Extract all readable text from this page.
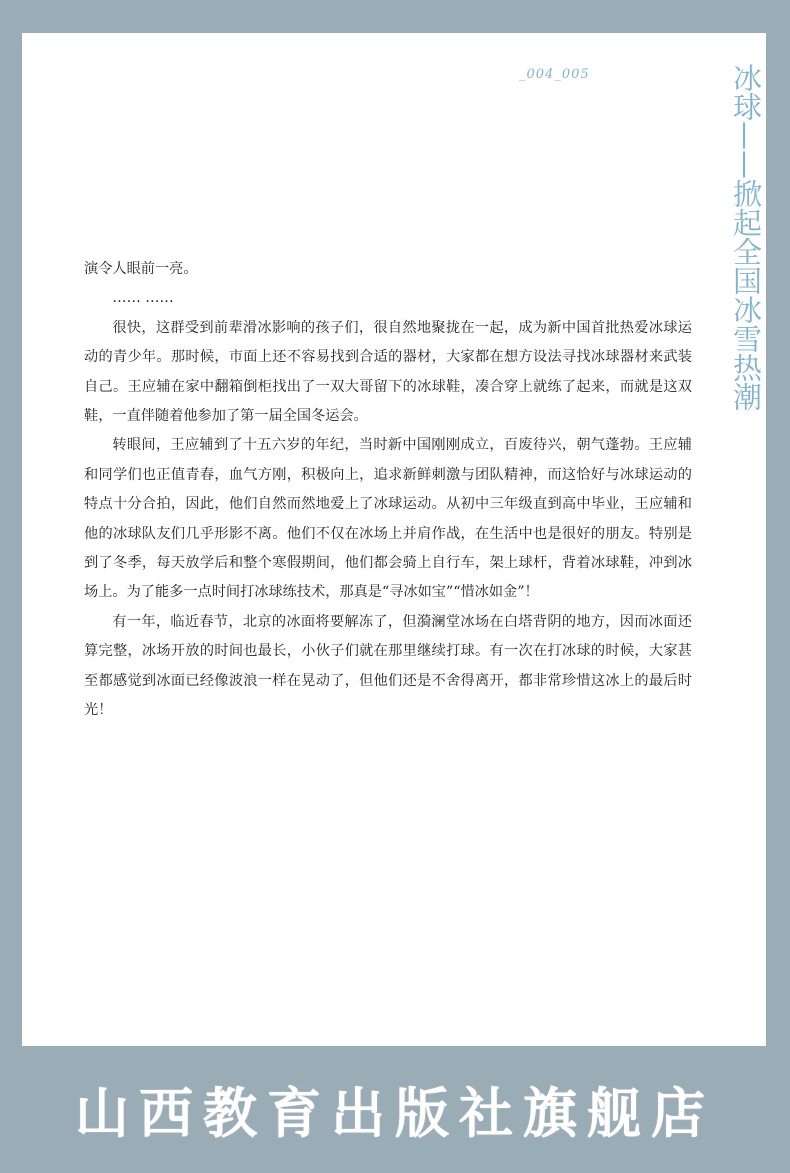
_004_005	冰球——掀起全国冰雪热潮

演令人眼前一亮。

…… ……

很快，这群受到前辈滑冰影响的孩子们，很自然地聚拢在一起，成为新中国首批热爱冰球运动的青少年。那时候，市面上还不容易找到合适的器材，大家都在想方设法寻找冰球器材来武装自己。王应辅在家中翻箱倒柜找出了一双大哥留下的冰球鞋，凑合穿上就练了起来，而就是这双鞋，一直伴随着他参加了第一届全国冬运会。

转眼间，王应辅到了十五六岁的年纪，当时新中国刚刚成立，百废待兴，朝气蓬勃。王应辅和同学们也正值青春，血气方刚，积极向上，追求新鲜刺激与团队精神，而这恰好与冰球运动的特点十分合拍，因此，他们自然而然地爱上了冰球运动。从初中三年级直到高中毕业，王应辅和他的冰球队友们几乎形影不离。他们不仅在冰场上并肩作战，在生活中也是很好的朋友。特别是到了冬季，每天放学后和整个寒假期间，他们都会骑上自行车，架上球杆，背着冰球鞋，冲到冰场上。为了能多一点时间打冰球练技术，那真是“寻冰如宝”“惜冰如金”！

有一年，临近春节，北京的冰面将要解冻了，但漪澜堂冰场在白塔背阴的地方，因而冰面还算完整，冰场开放的时间也最长，小伙子们就在那里继续打球。有一次在打冰球的时候，大家甚至都感觉到冰面已经像波浪一样在晃动了，但他们还是不舍得离开，都非常珍惜这冰上的最后时光！

山西教育出版社旗舰店
